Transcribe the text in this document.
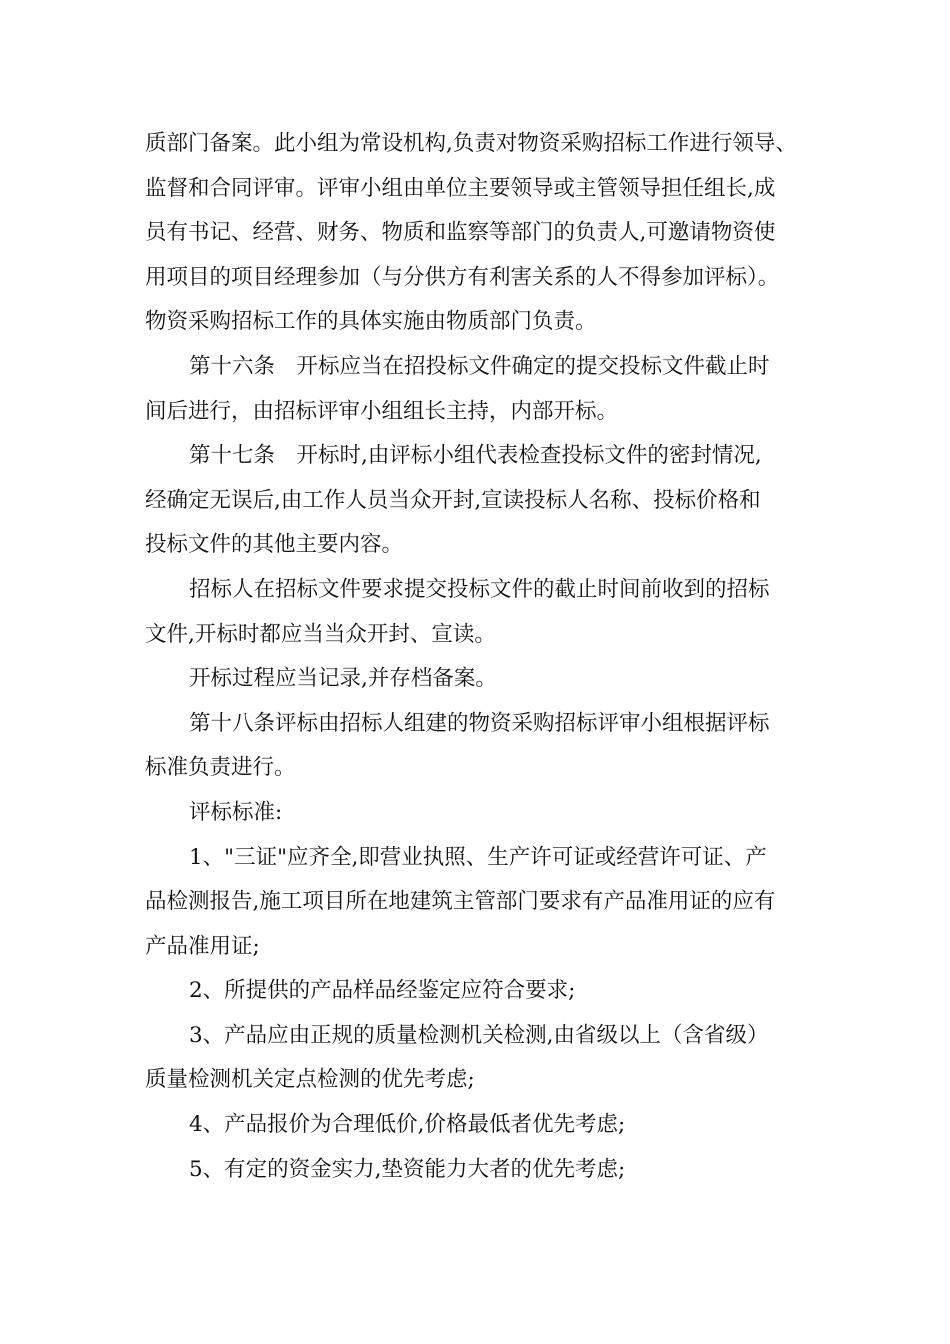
质部门备案。此小组为常设机构,负责对物资采购招标工作进行领导、
监督和合同评审。评审小组由单位主要领导或主管领导担任组长,成
员有书记、经营、财务、物质和监察等部门的负责人,可邀请物资使
用项目的项目经理参加（与分供方有利害关系的人不得参加评标）。
物资采购招标工作的具体实施由物质部门负责。
第十六条　开标应当在招投标文件确定的提交投标文件截止时
间后进行，由招标评审小组组长主持，内部开标。
第十七条　开标时,由评标小组代表检查投标文件的密封情况,
经确定无误后,由工作人员当众开封,宣读投标人名称、投标价格和
投标文件的其他主要内容。
招标人在招标文件要求提交投标文件的截止时间前收到的招标
文件,开标时都应当当众开封、宣读。
开标过程应当记录,并存档备案。
第十八条评标由招标人组建的物资采购招标评审小组根据评标
标准负责进行。
评标标准:
1、"三证"应齐全,即营业执照、生产许可证或经营许可证、产
品检测报告,施工项目所在地建筑主管部门要求有产品准用证的应有
产品准用证;
2、所提供的产品样品经鉴定应符合要求;
3、产品应由正规的质量检测机关检测,由省级以上（含省级）
质量检测机关定点检测的优先考虑;
4、产品报价为合理低价,价格最低者优先考虑;
5、有定的资金实力,垫资能力大者的优先考虑;
